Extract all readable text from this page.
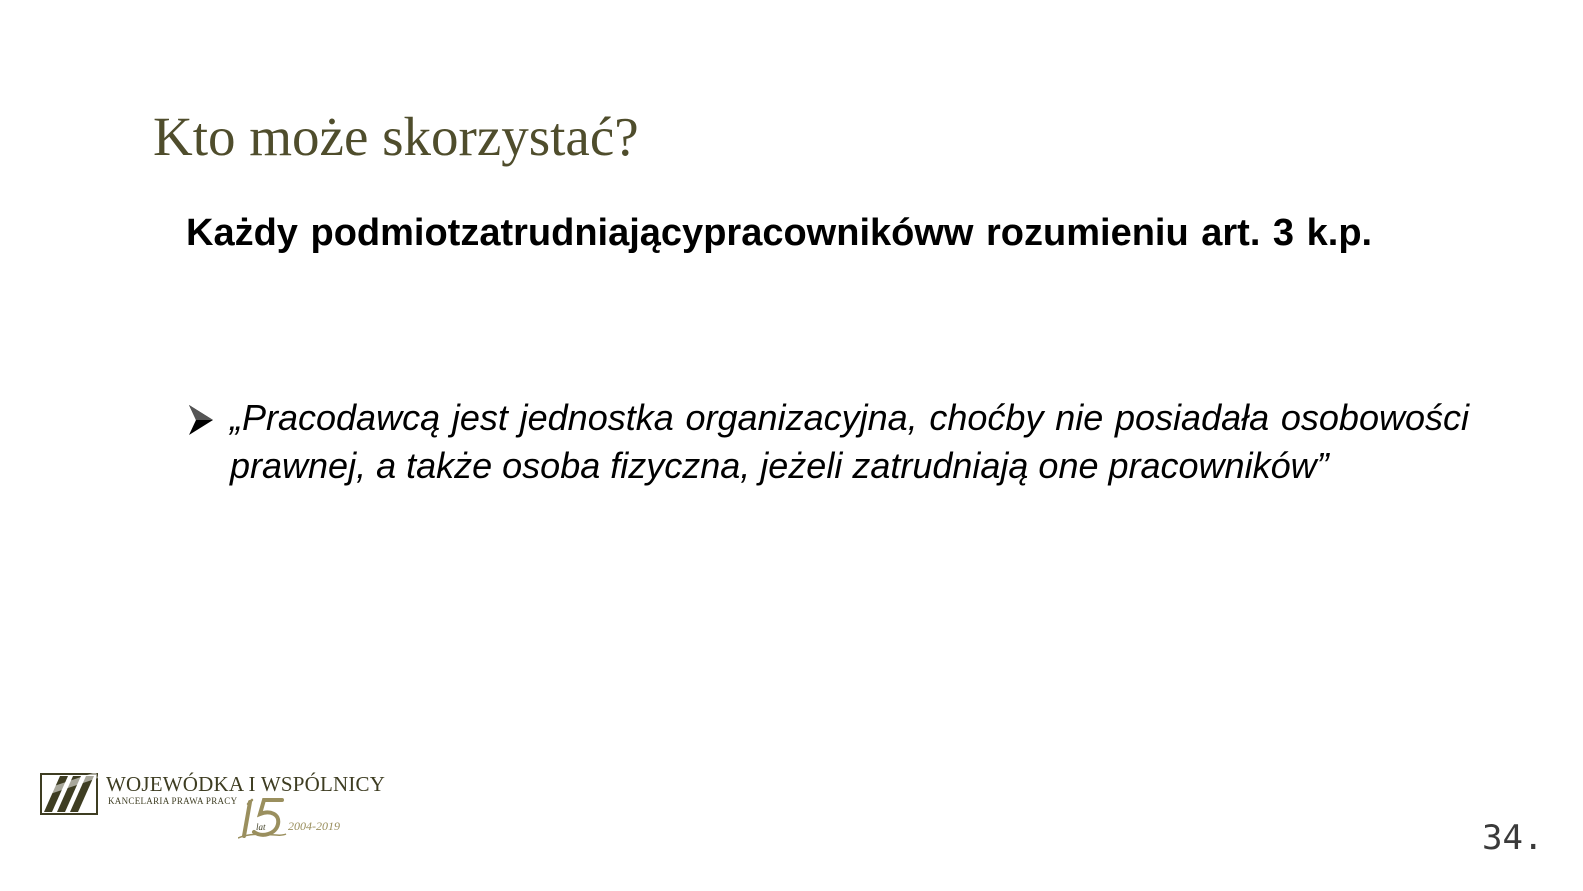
Kto może skorzystać?

Każdy podmiotzatrudniającypracownikóww rozumieniu art. 3 k.p.

„Pracodawcą jest jednostka organizacyjna, choćby nie posiadała osobowości prawnej, a także osoba fizyczna, jeżeli zatrudniają one pracowników”

WOJEWÓDKA I WSPÓLNICY
KANCELARIA PRAWA PRACY
lat 2004-2019	34.
